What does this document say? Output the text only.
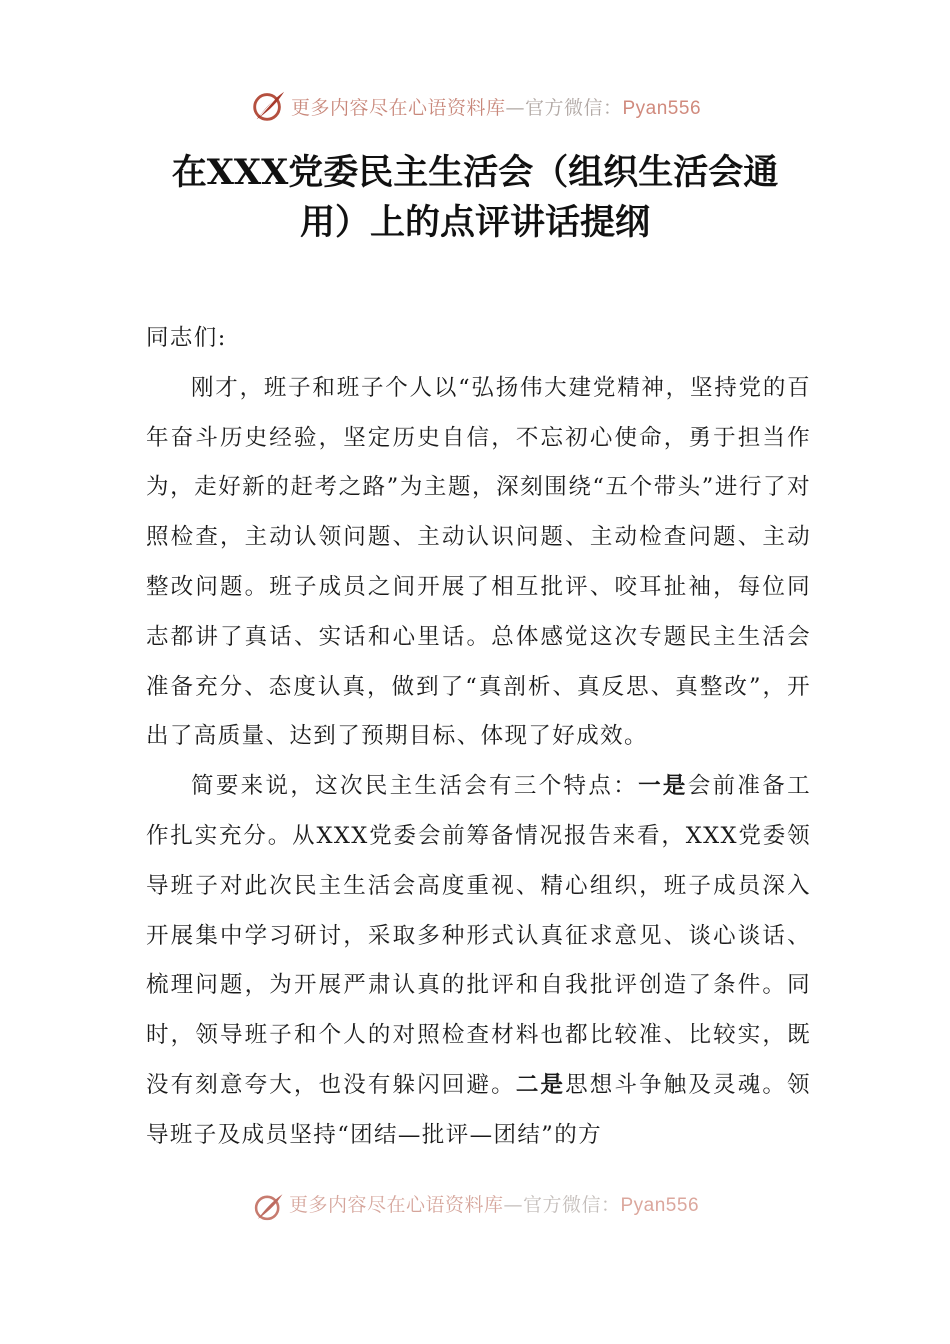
更多内容尽在心语资料库—官方微信：Pyan556
在XXX党委民主生活会（组织生活会通
用）上的点评讲话提纲

同志们:

刚才，班子和班子个人以“弘扬伟大建党精神，坚持党的百年奋斗历史经验，坚定历史自信，不忘初心使命，勇于担当作为，走好新的赶考之路”为主题，深刻围绕“五个带头”进行了对照检查，主动认领问题、主动认识问题、主动检查问题、主动整改问题。班子成员之间开展了相互批评、咬耳扯袖，每位同志都讲了真话、实话和心里话。总体感觉这次专题民主生活会准备充分、态度认真，做到了“真剖析、真反思、真整改”，开出了高质量、达到了预期目标、体现了好成效。

简要来说，这次民主生活会有三个特点：一是会前准备工作扎实充分。从XXX党委会前筹备情况报告来看，XXX党委领导班子对此次民主生活会高度重视、精心组织，班子成员深入开展集中学习研讨，采取多种形式认真征求意见、谈心谈话、梳理问题，为开展严肃认真的批评和自我批评创造了条件。同时，领导班子和个人的对照检查材料也都比较准、比较实，既没有刻意夸大，也没有躲闪回避。二是思想斗争触及灵魂。领导班子及成员坚持“团结—批评—团结”的方

更多内容尽在心语资料库—官方微信：Pyan556
